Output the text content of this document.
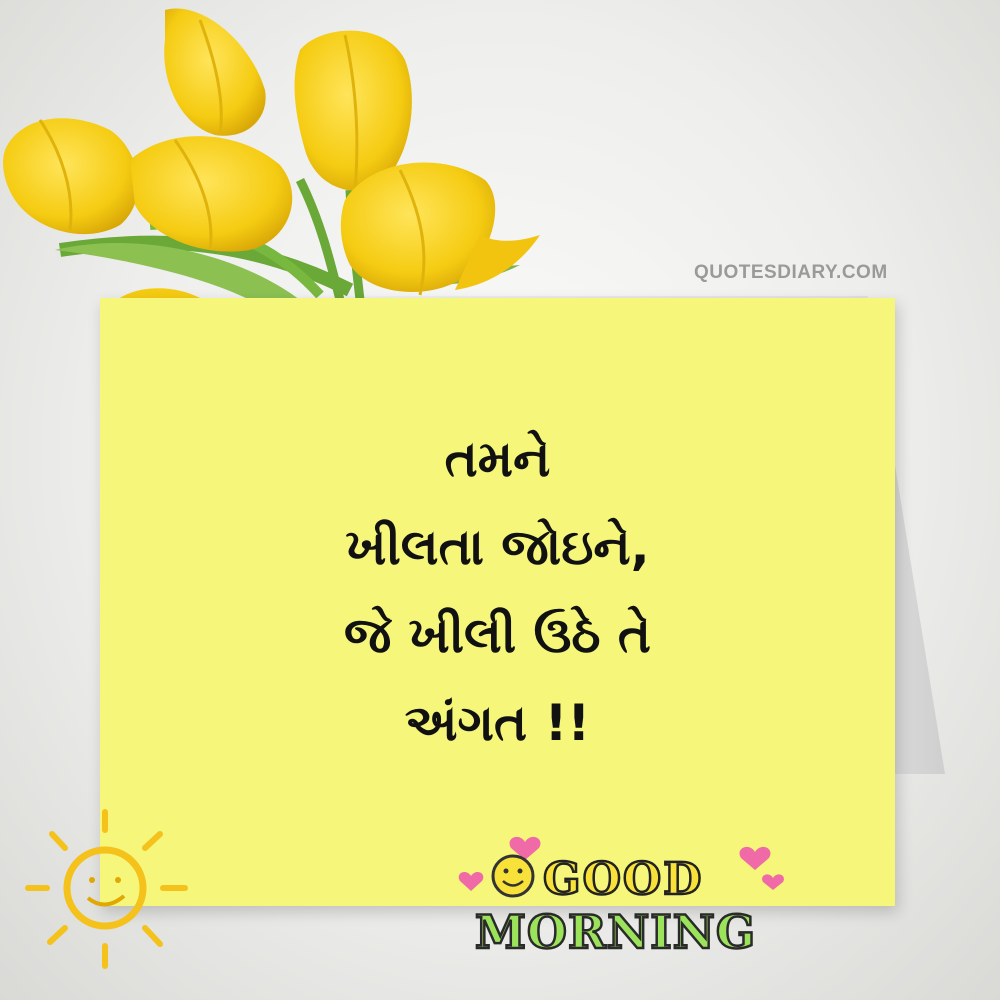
QUOTESDIARY.COM
તમને
ખીલતા જોઇને,
જે ખીલી ઉઠે તે
અંગત !!
GOOD
MORNING
